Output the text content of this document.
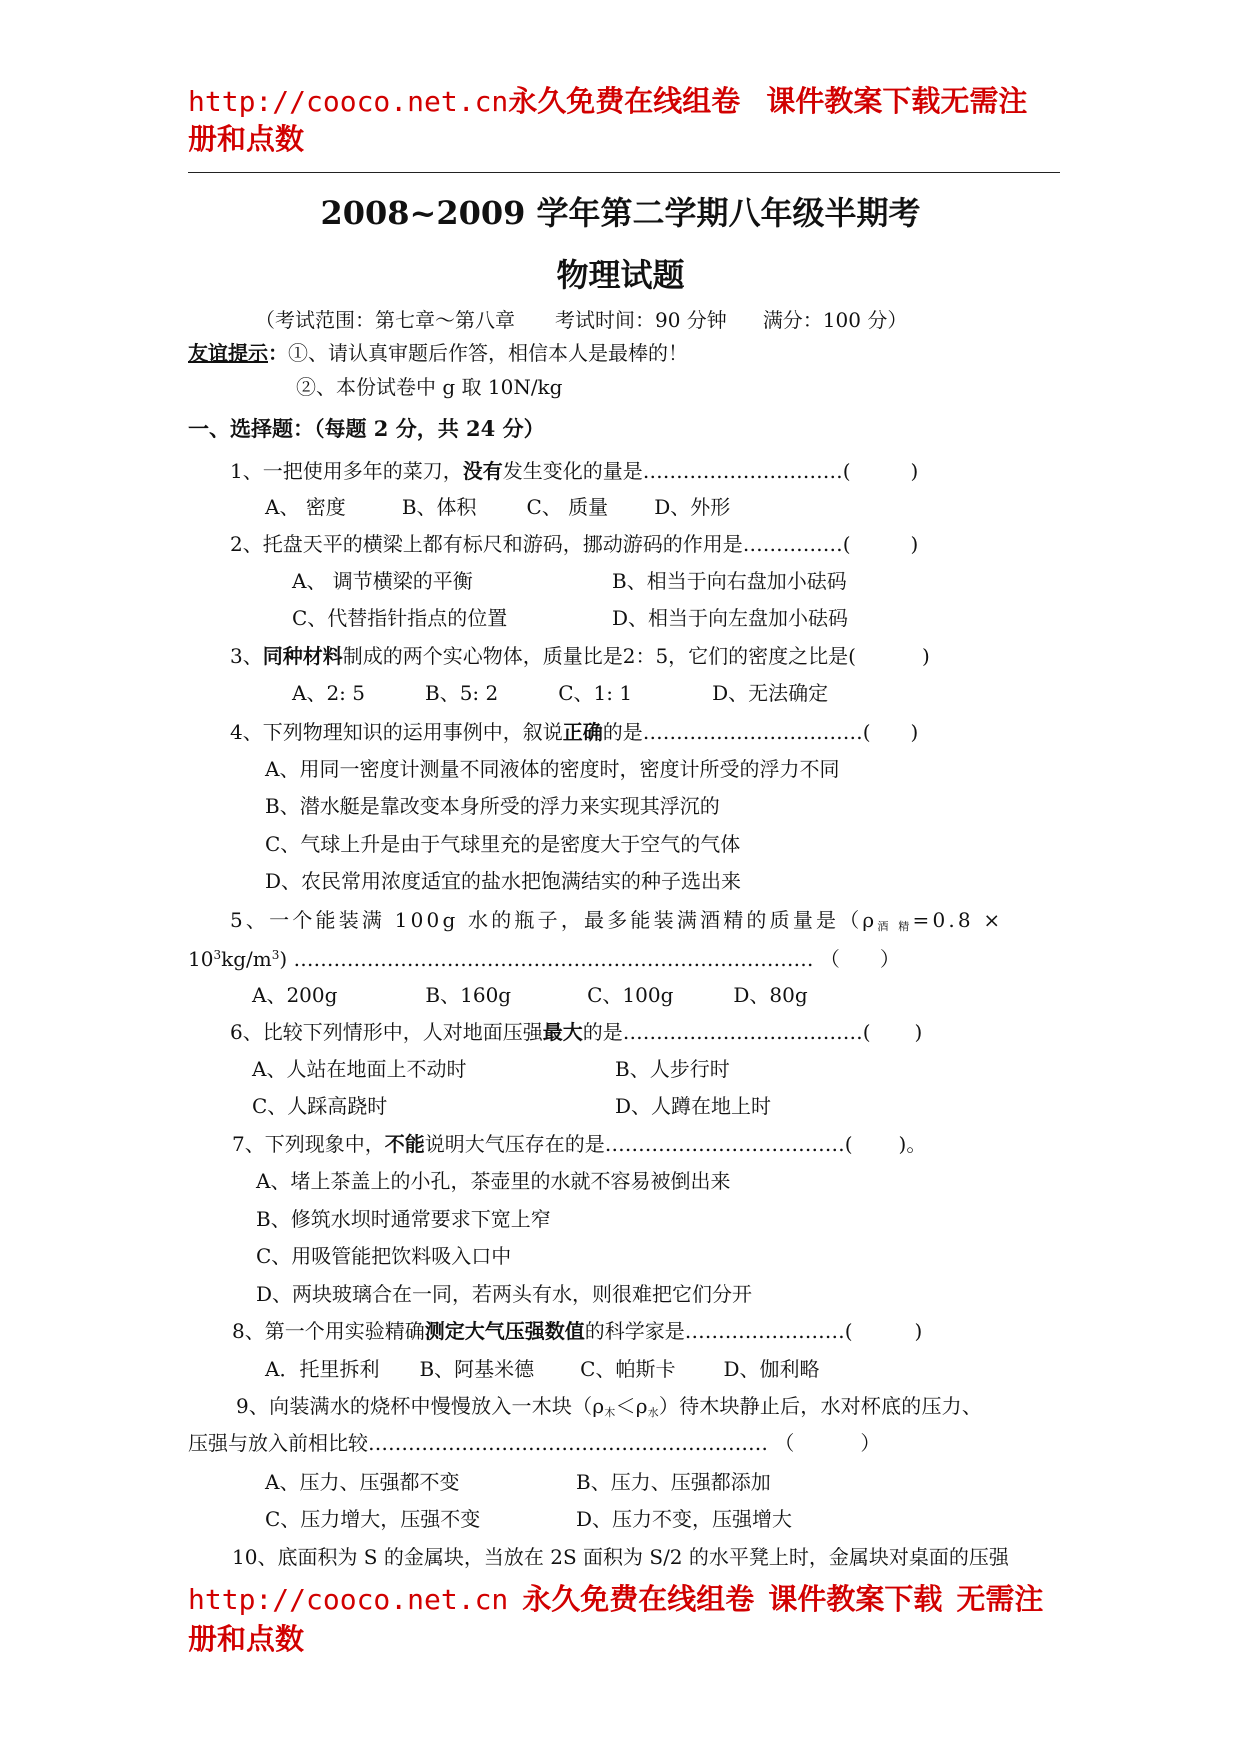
http://cooco.net.cn永久免费在线组卷 课件教案下载无需注
册和点数
2008~2009 学年第二学期八年级半期考
物理试题
（考试范围：第七章～第八章 考试时间：90 分钟 满分：100 分）
友谊提示：①、请认真审题后作答，相信本人是最棒的！
②、本份试卷中 g 取 10N/kg
一、选择题：（每题 2 分，共 24 分）
1、一把使用多年的菜刀，没有发生变化的量是…………………………(	)
A、 密度	B、体积	C、 质量 D、外形
2、托盘天平的横梁上都有标尺和游码，挪动游码的作用是……………(	)
A、 调节横梁的平衡	B、相当于向右盘加小砝码
C、代替指针指点的位置	D、相当于向左盘加小砝码
3、同种材料制成的两个实心物体，质量比是2：5，它们的密度之比是(	)
A、2: 5	B、5: 2	C、1: 1	D、无法确定
4、下列物理知识的运用事例中，叙说正确的是……………………………( )
A、用同一密度计测量不同液体的密度时，密度计所受的浮力不同
B、潜水艇是靠改变本身所受的浮力来实现其浮沉的
C、气球上升是由于气球里充的是密度大于空气的气体
D、农民常用浓度适宜的盐水把饱满结实的种子选出来
5、一个能装满 100g 水的瓶子，最多能装满酒精的质量是（$\rho_{酒 精}=0.8$ ×
$10^3kg/m^3$) …………………………………………………………………… （ ）
A、200g	B、160g	C、100g	D、80g
6、比较下列情形中，人对地面压强最大的是………………………………( )
A、人站在地面上不动时	B、人步行时
C、人踩高跷时	D、人蹲在地上时
7、下列现象中，不能说明大气压存在的是………………………………( )。
A、堵上茶盖上的小孔，茶壶里的水就不容易被倒出来
B、修筑水坝时通常要求下宽上窄
C、用吸管能把饮料吸入口中
D、两块玻璃合在一同，若两头有水，则很难把它们分开
8、第一个用实验精确测定大气压强数值的科学家是……………………(	)
A．托里拆利 B、阿基米德 C、帕斯卡 D、伽利略
9、向装满水的烧杯中慢慢放入一木块$(\rho_木<\rho_水)$待木块静止后，水对杯底的压力、
压强与放入前相比较…………………………………………………… （	）
A、压力、压强都不变	B、压力、压强都添加
C、压力增大，压强不变	D、压力不变，压强增大
10、底面积为 S 的金属块，当放在 2S 面积为 S/2 的水平凳上时，金属块对桌面的压强
http://cooco.net.cn 永久免费在线组卷 课件教案下载 无需注
册和点数
